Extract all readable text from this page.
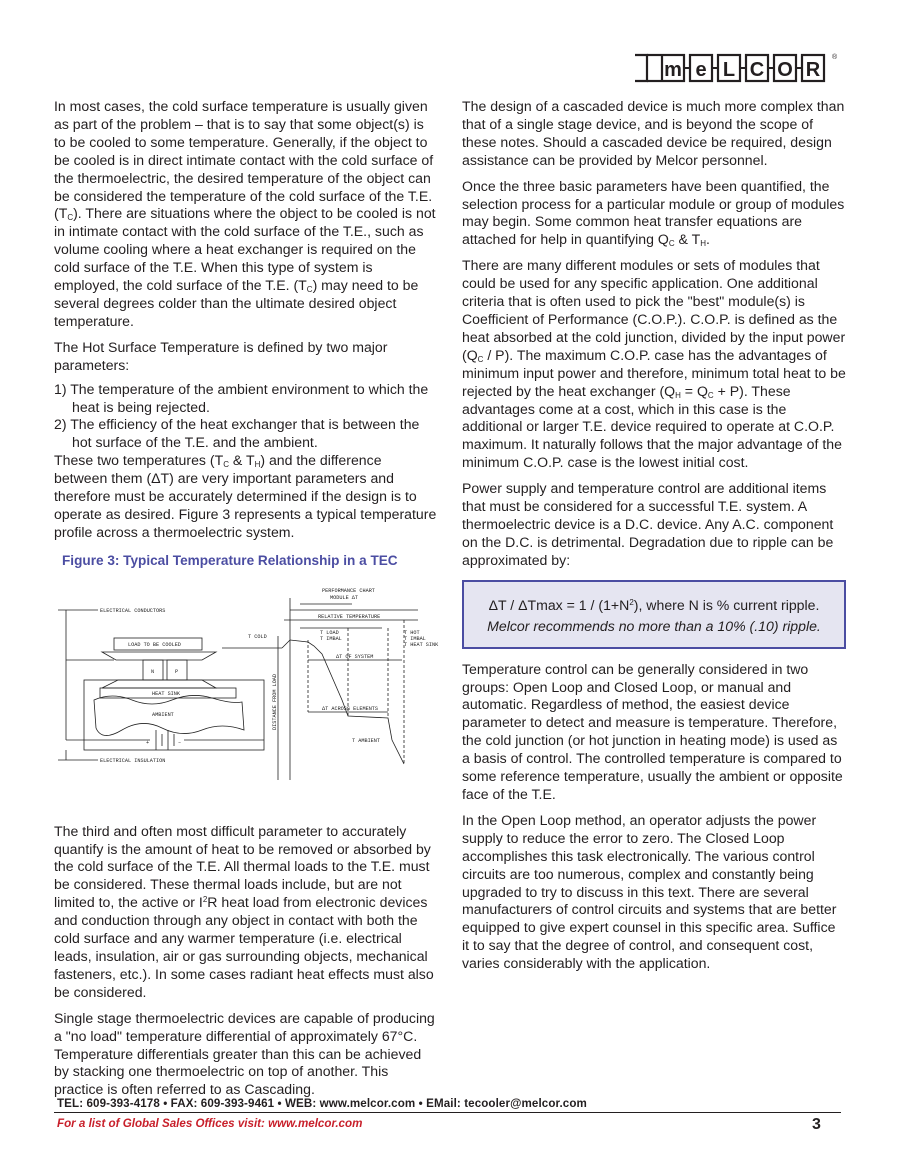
m e L C O R
®

In most cases, the cold surface temperature is usually given as part of the problem – that is to say that some object(s) is to be cooled to some temperature. Generally, if the object to be cooled is in direct intimate contact with the cold surface of the thermoelectric, the desired temperature of the object can be considered the temperature of the cold surface of the T.E. $(T_C)$. There are situations where the object to be cooled is not in intimate contact with the cold surface of the T.E., such as volume cooling where a heat exchanger is required on the cold surface of the T.E. When this type of system is employed, the cold surface of the T.E. $(T_C)$ may need to be several degrees colder than the ultimate desired object temperature.

The Hot Surface Temperature is defined by two major parameters:

1) The temperature of the ambient environment to which the heat is being rejected.
2) The efficiency of the heat exchanger that is between the hot surface of the T.E. and the ambient.

These two temperatures ($T_C$ & $T_H$) and the difference between them (ΔT) are very important parameters and therefore must be accurately determined if the design is to operate as desired. Figure 3 represents a typical temperature profile across a thermoelectric system.

Figure 3: Typical Temperature Relationship in a TEC
PERFORMANCE CHART
MODULE ΔT
RELATIVE TEMPERATURE
ELECTRICAL CONDUCTORS
LOAD TO BE COOLED
T COLD
T LOAD
T IMBAL
T HOT
T IMBAL
T HEAT SINK
ΔT OF SYSTEM
N	P
HEAT SINK
AMBIENT	DISTANCE FROM LOAD	ΔT ACROSS ELEMENTS
T AMBIENT
+	–
ELECTRICAL INSULATION

The third and often most difficult parameter to accurately quantify is the amount of heat to be removed or absorbed by the cold surface of the T.E. All thermal loads to the T.E. must be considered. These thermal loads include, but are not limited to, the active or $I^2R$ heat load from electronic devices and conduction through any object in contact with both the cold surface and any warmer temperature (i.e. electrical leads, insulation, air or gas surrounding objects, mechanical fasteners, etc.). In some cases radiant heat effects must also be considered.

Single stage thermoelectric devices are capable of producing a "no load" temperature differential of approximately 67°C. Temperature differentials greater than this can be achieved by stacking one thermoelectric on top of another. This practice is often referred to as Cascading.

The design of a cascaded device is much more complex than that of a single stage device, and is beyond the scope of these notes. Should a cascaded device be required, design assistance can be provided by Melcor personnel.

Once the three basic parameters have been quantified, the selection process for a particular module or group of modules may begin. Some common heat transfer equations are attached for help in quantifying $Q_C$ & $T_H$.

There are many different modules or sets of modules that could be used for any specific application. One additional criteria that is often used to pick the "best" module(s) is Coefficient of Performance (C.O.P.). C.O.P. is defined as the heat absorbed at the cold junction, divided by the input power $(Q_C / P)$. The maximum C.O.P. case has the advantages of minimum input power and therefore, minimum total heat to be rejected by the heat exchanger $(Q_H = Q_C + P)$. These advantages come at a cost, which in this case is the additional or larger T.E. device required to operate at C.O.P. maximum. It naturally follows that the major advantage of the minimum C.O.P. case is the lowest initial cost.

Power supply and temperature control are additional items that must be considered for a successful T.E. system. A thermoelectric device is a D.C. device. Any A.C. component on the D.C. is detrimental. Degradation due to ripple can be approximated by:

$\Delta T / \Delta Tmax = 1 / (1+N^2)$, where N is % current ripple.
Melcor recommends no more than a 10% (.10) ripple.

Temperature control can be generally considered in two groups: Open Loop and Closed Loop, or manual and automatic. Regardless of method, the easiest device parameter to detect and measure is temperature. Therefore, the cold junction (or hot junction in heating mode) is used as a basis of control. The controlled temperature is compared to some reference temperature, usually the ambient or opposite face of the T.E.

In the Open Loop method, an operator adjusts the power supply to reduce the error to zero. The Closed Loop accomplishes this task electronically. The various control circuits are too numerous, complex and constantly being upgraded to try to discuss in this text. There are several manufacturers of control circuits and systems that are better equipped to give expert counsel in this specific area. Suffice it to say that the degree of control, and consequent cost, varies considerably with the application.

TEL: 609-393-4178 • FAX: 609-393-9461 • WEB: www.melcor.com • EMail: tecooler@melcor.com
For a list of Global Sales Offices visit: www.melcor.com	3
